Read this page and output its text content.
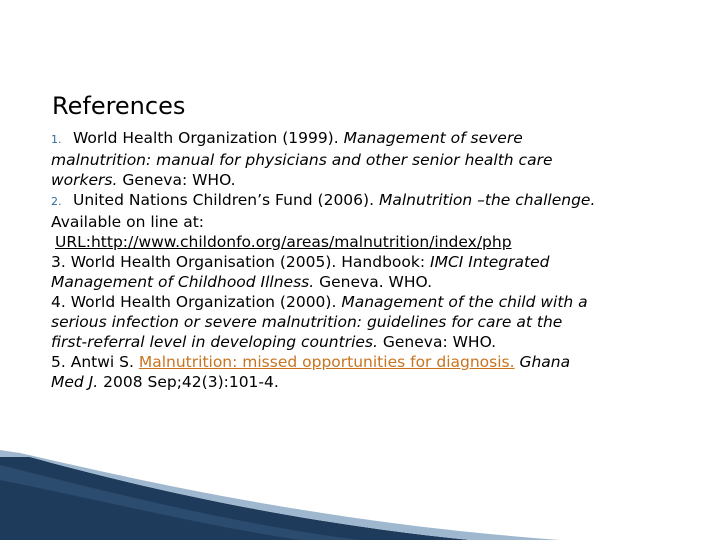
References
1. World Health Organization (1999). Management of severe
malnutrition: manual for physicians and other senior health care
workers. Geneva: WHO.
2. United Nations Children’s Fund (2006). Malnutrition –the challenge.
Available on line at:
URL:http://www.childonfo.org/areas/malnutrition/index/php
3. World Health Organisation (2005). Handbook: IMCI Integrated
Management of Childhood Illness. Geneva. WHO.
4. World Health Organization (2000). Management of the child with a
serious infection or severe malnutrition: guidelines for care at the
first-referral level in developing countries. Geneva: WHO.
5. Antwi S. Malnutrition: missed opportunities for diagnosis. Ghana
Med J. 2008 Sep;42(3):101-4.
